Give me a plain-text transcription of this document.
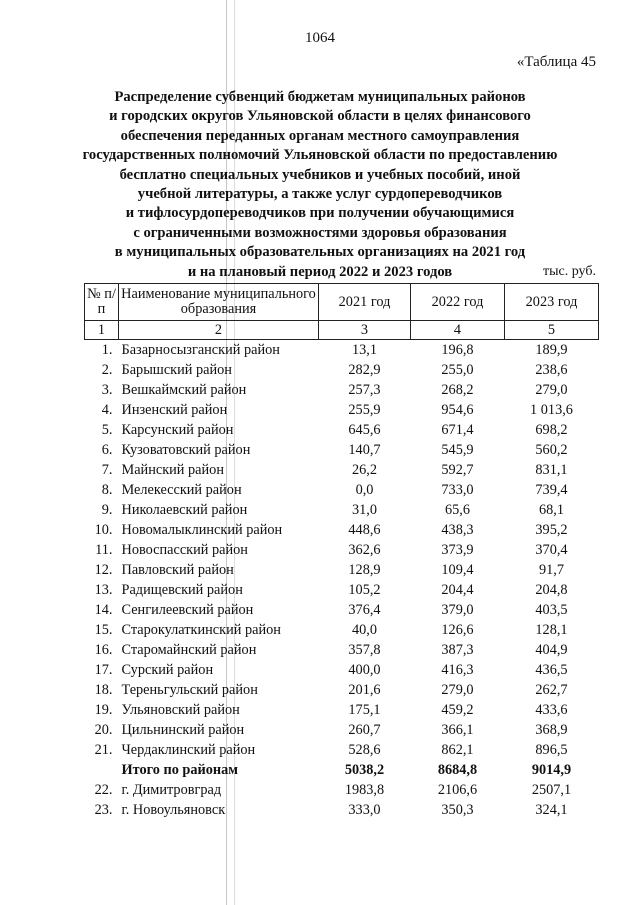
1064
«Таблица 45
Распределение субвенций бюджетам муниципальных районов
и городских округов Ульяновской области в целях финансового
обеспечения переданных органам местного самоуправления
государственных полномочий Ульяновской области по предоставлению
бесплатно специальных учебников и учебных пособий, иной
учебной литературы, а также услуг сурдопереводчиков
и тифлосурдопереводчиков при получении обучающимися
с ограниченными возможностями здоровья образования
в муниципальных образовательных организациях на 2021 год
и на плановый период 2022 и 2023 годов	тыс. руб.
№ п/п	Наименование муниципального образования	2021 год	2022 год	2023 год
1	2	3	4	5
1.	Базарносызганский район	13,1	196,8	189,9
2.	Барышский район	282,9	255,0	238,6
3.	Вешкаймский район	257,3	268,2	279,0
4.	Инзенский район	255,9	954,6	1 013,6
5.	Карсунский район	645,6	671,4	698,2
6.	Кузоватовский район	140,7	545,9	560,2
7.	Майнский район	26,2	592,7	831,1
8.	Мелекесский район	0,0	733,0	739,4
9.	Николаевский район	31,0	65,6	68,1
10.	Новомалыклинский район	448,6	438,3	395,2
11.	Новоспасский район	362,6	373,9	370,4
12.	Павловский район	128,9	109,4	91,7
13.	Радищевский район	105,2	204,4	204,8
14.	Сенгилеевский район	376,4	379,0	403,5
15.	Старокулаткинский район	40,0	126,6	128,1
16.	Старомайнский район	357,8	387,3	404,9
17.	Сурский район	400,0	416,3	436,5
18.	Тереньгульский район	201,6	279,0	262,7
19.	Ульяновский район	175,1	459,2	433,6
20.	Цильнинский район	260,7	366,1	368,9
21.	Чердаклинский район	528,6	862,1	896,5
	Итого по районам	5038,2	8684,8	9014,9
22.	г. Димитровград	1983,8	2106,6	2507,1
23.	г. Новоульяновск	333,0	350,3	324,1
